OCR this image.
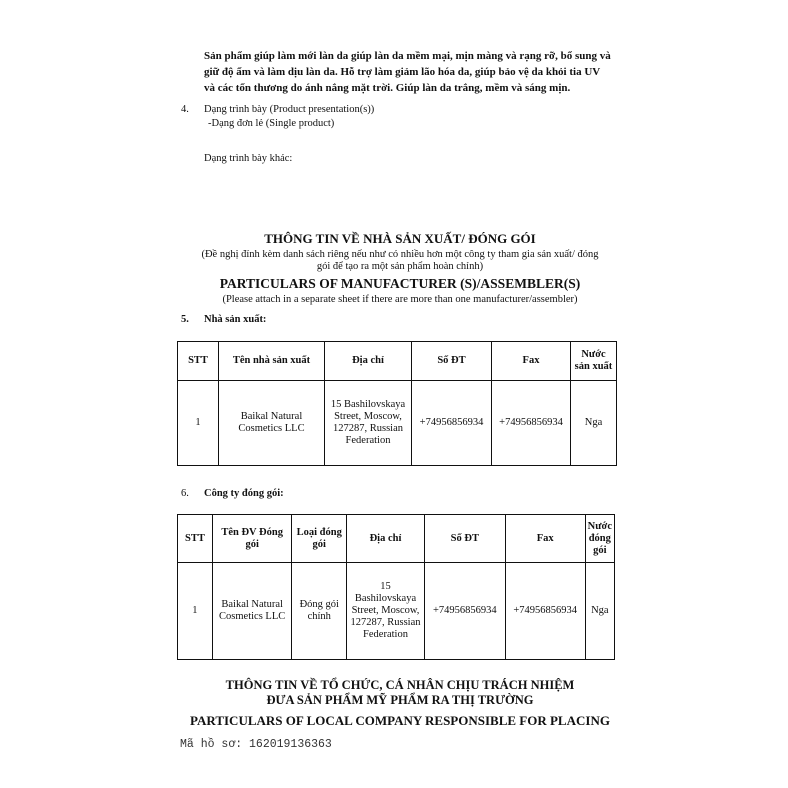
Sản phẩm giúp làm mới làn da giúp làn da mềm mại, mịn màng và rạng rỡ, bổ sung và
giữ độ ẩm và làm dịu làn da. Hỗ trợ làm giảm lão hóa da, giúp bảo vệ da khỏi tia UV
và các tổn thương do ánh nắng mặt trời. Giúp làn da trắng, mềm và sáng mịn.
4. Dạng trình bày (Product presentation(s))
-Dạng đơn lẻ (Single product)
Dạng trình bày khác:
THÔNG TIN VỀ NHÀ SẢN XUẤT/ ĐÓNG GÓI
(Đề nghị đính kèm danh sách riêng nếu như có nhiều hơn một công ty tham gia sản xuất/ đóng
gói để tạo ra một sản phẩm hoàn chỉnh)
PARTICULARS OF MANUFACTURER (S)/ASSEMBLER(S)
(Please attach in a separate sheet if there are more than one manufacturer/assembler)
5. Nhà sản xuất:
STT	Tên nhà sản xuất	Địa chỉ	Số ĐT	Fax	Nước sản xuất
1	Baikal Natural Cosmetics LLC	15 Bashilovskaya Street, Moscow, 127287, Russian Federation	+74956856934	+74956856934	Nga
6. Công ty đóng gói:
STT	Tên ĐV Đóng gói	Loại đóng gói	Địa chỉ	Số ĐT	Fax	Nước đóng gói
1	Baikal Natural Cosmetics LLC	Đóng gói chính	15 Bashilovskaya Street, Moscow, 127287, Russian Federation	+74956856934	+74956856934	Nga
THÔNG TIN VỀ TỔ CHỨC, CÁ NHÂN CHỊU TRÁCH NHIỆM
ĐƯA SẢN PHẨM MỸ PHẨM RA THỊ TRƯỜNG
PARTICULARS OF LOCAL COMPANY RESPONSIBLE FOR PLACING
Mã hồ sơ: 162019136363
